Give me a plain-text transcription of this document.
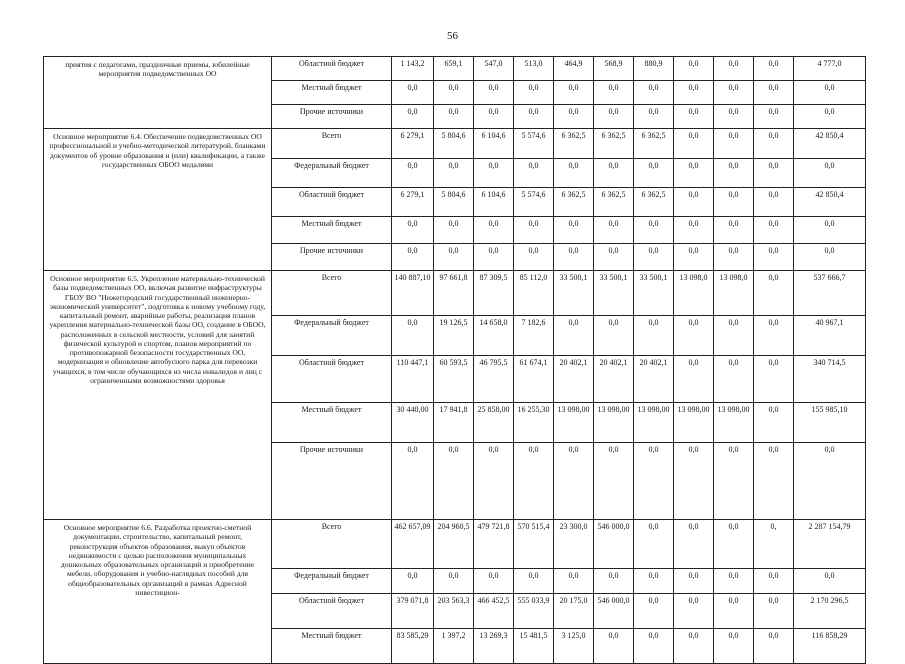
56
приятия с педагогами, праздничные приемы, юбилейные мероприятия подведомственных ОО	Областной бюджет	1 143,2	659,1	547,0	513,0	464,9	568,9	880,9	0,0	0,0	0,0	4 777,0
	Местный бюджет	0,0	0,0	0,0	0,0	0,0	0,0	0,0	0,0	0,0	0,0	0,0
	Прочие источники	0,0	0,0	0,0	0,0	0,0	0,0	0,0	0,0	0,0	0,0	0,0
Основное мероприятие 6.4. Обеспечение подведомственных ОО профессиональной и учебно-методической литературой, бланками документов об уровне образования и (или) квалификации, а также государственных ОБОО медалями	Всего	6 279,1	5 804,6	6 104,6	5 574,6	6 362,5	6 362,5	6 362,5	0,0	0,0	0,0	42 850,4
	Федеральный бюджет	0,0	0,0	0,0	0,0	0,0	0,0	0,0	0,0	0,0	0,0	0,0
	Областной бюджет	6 279,1	5 804,6	6 104,6	5 574,6	6 362,5	6 362,5	6 362,5	0,0	0,0	0,0	42 850,4
	Местный бюджет	0,0	0,0	0,0	0,0	0,0	0,0	0,0	0,0	0,0	0,0	0,0
	Прочие источники	0,0	0,0	0,0	0,0	0,0	0,0	0,0	0,0	0,0	0,0	0,0
Основное мероприятие 6.5. Укрепление материально-технической базы подведомственных ОО, включая развитие инфраструктуры ГБОУ ВО "Нижегородский государственный инженерно-экономический университет", подготовка к новому учебному году, капитальный ремонт, аварийные работы, реализация планов укрепления материально-технической базы ОО, создание в ОБОО, расположенных в сельской местности, условий для занятий физической культурой и спортом, планов мероприятий по противопожарной безопасности государственных ОО, модернизация и обновление автобусного парка для перевозки учащихся, в том числе обучающихся из числа инвалидов и лиц с ограниченными возможностями здоровья	Всего	140 887,10	97 661,8	87 309,5	85 112,0	33 500,1	33 500,1	33 500,1	13 098,0	13 098,0	0,0	537 666,7
	Федеральный бюджет	0,0	19 126,5	14 658,0	7 182,6	0,0	0,0	0,0	0,0	0,0	0,0	40 967,1
	Областной бюджет	110 447,1	60 593,5	46 795,5	61 674,1	20 402,1	20 402,1	20 402,1	0,0	0,0	0,0	340 714,5
	Местный бюджет	30 440,00	17 941,8	25 858,00	16 255,30	13 098,00	13 098,00	13 098,00	13 098,00	13 098,00	0,0	155 985,10
	Прочие источники	0,0	0,0	0,0	0,0	0,0	0,0	0,0	0,0	0,0	0,0	0,0
Основное мероприятие 6.6. Разработка проектно-сметной документации, строительство, капитальный ремонт, реконструкция объектов образования, выкуп объектов недвижимости с целью расположения муниципальных дошкольных образовательных организаций и приобретение мебели, оборудования и учебно-наглядных пособий для общеобразовательных организаций в рамках Адресной инвестицион-	Всего	462 657,09	204 960,5	479 721,8	570 515,4	23 300,0	546 000,0	0,0	0,0	0,0	0,	2 287 154,79
	Федеральный бюджет	0,0	0,0	0,0	0,0	0,0	0,0	0,0	0,0	0,0	0,0	0,0
	Областной бюджет	379 071,8	203 563,3	466 452,5	555 033,9	20 175,0	546 000,0	0,0	0,0	0,0	0,0	2 170 296,5
	Местный бюджет	83 585,29	1 397,2	13 269,3	15 481,5	3 125,0	0,0	0,0	0,0	0,0	0,0	116 858,29
